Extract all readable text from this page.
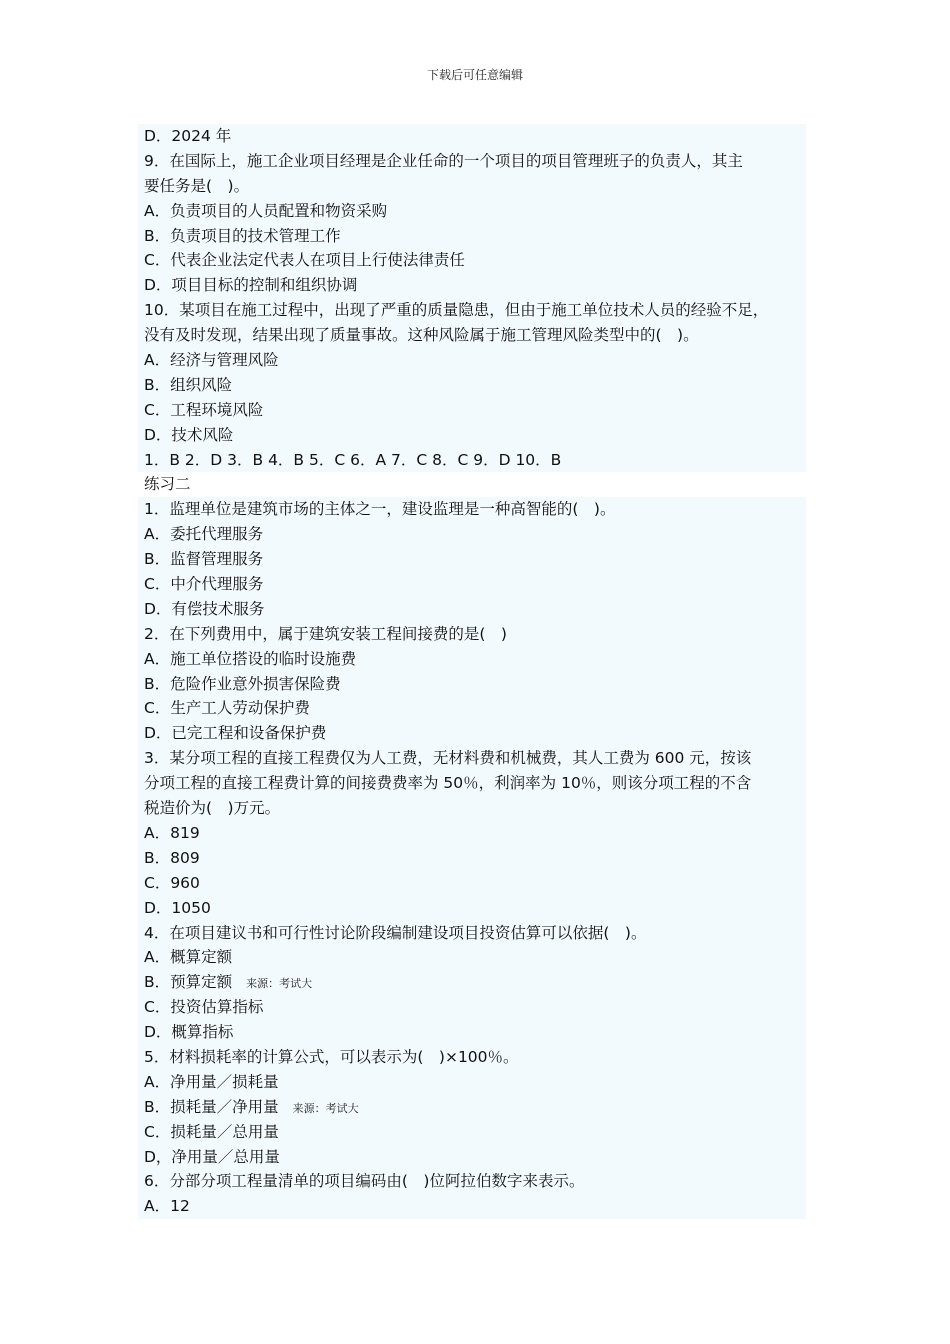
下载后可任意编辑
D．2024 年
9．在国际上，施工企业项目经理是企业任命的一个项目的项目管理班子的负责人，其主
要任务是(　)。
A．负责项目的人员配置和物资采购
B．负责项目的技术管理工作
C．代表企业法定代表人在项目上行使法律责任
D．项目目标的控制和组织协调
10．某项目在施工过程中，出现了严重的质量隐患，但由于施工单位技术人员的经验不足，
没有及时发现，结果出现了质量事故。这种风险属于施工管理风险类型中的(　)。
A．经济与管理风险
B．组织风险
C．工程环境风险
D．技术风险
1．B 2．D 3．B 4．B 5．C 6．A 7．C 8．C 9．D 10．B
练习二
1．监理单位是建筑市场的主体之一，建设监理是一种高智能的(　)。
A．委托代理服务
B．监督管理服务
C．中介代理服务
D．有偿技术服务
2．在下列费用中，属于建筑安装工程间接费的是(　)
A．施工单位搭设的临时设施费
B．危险作业意外损害保险费
C．生产工人劳动保护费
D．已完工程和设备保护费
3．某分项工程的直接工程费仅为人工费，无材料费和机械费，其人工费为 600 元，按该
分项工程的直接工程费计算的间接费费率为 50％，利润率为 10％，则该分项工程的不含
税造价为(　)万元。
A．819
B．809
C．960
D．1050
4．在项目建议书和可行性讨论阶段编制建设项目投资估算可以依据(　)。
A．概算定额
B．预算定额 来源：考试大
C．投资估算指标
D．概算指标
5．材料损耗率的计算公式，可以表示为(　)×100％。
A．净用量／损耗量
B．损耗量／净用量 来源：考试大
C．损耗量／总用量
D，净用量／总用量
6．分部分项工程量清单的项目编码由(　)位阿拉伯数字来表示。
A．12
